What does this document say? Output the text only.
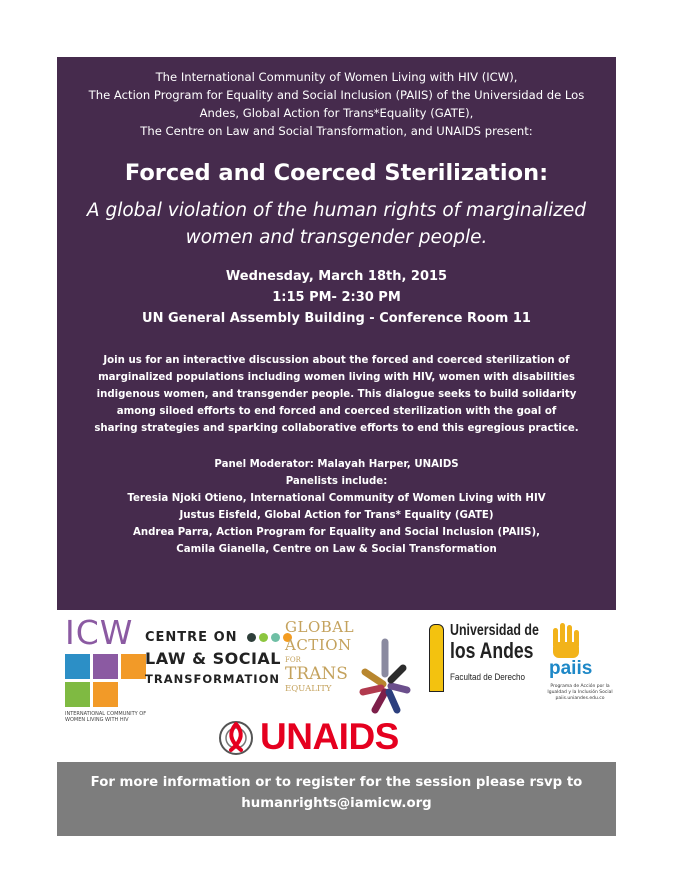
The International Community of Women Living with HIV (ICW),
The Action Program for Equality and Social Inclusion (PAIIS) of the Universidad de Los
Andes, Global Action for Trans*Equality (GATE),
The Centre on Law and Social Transformation, and UNAIDS present:
Forced and Coerced Sterilization:
A global violation of the human rights of marginalized
women and transgender people.
Wednesday, March 18th, 2015
1:15 PM- 2:30 PM
UN General Assembly Building - Conference Room 11
Join us for an interactive discussion about the forced and coerced sterilization of
marginalized populations including women living with HIV, women with disabilities
indigenous women, and transgender people. This dialogue seeks to build solidarity
among siloed efforts to end forced and coerced sterilization with the goal of
sharing strategies and sparking collaborative efforts to end this egregious practice.
Panel Moderator: Malayah Harper, UNAIDS
Panelists include:
Teresia Njoki Otieno, International Community of Women Living with HIV
Justus Eisfeld, Global Action for Trans* Equality (GATE)
Andrea Parra, Action Program for Equality and Social Inclusion (PAIIS),
Camila Gianella, Centre on Law & Social Transformation
ICW
INTERNATIONAL COMMUNITY OF WOMEN LIVING WITH HIV
CENTRE ON
LAW & SOCIAL
TRANSFORMATION
GLOBAL ACTION
FOR
TRANS
EQUALITY
Universidad de
los Andes
Facultad de Derecho	paiis
Programa de Acción por la Igualdad y la Inclusión Social paiis.uniandes.edu.co
UNAIDS
For more information or to register for the session please rsvp to
humanrights@iamicw.org
